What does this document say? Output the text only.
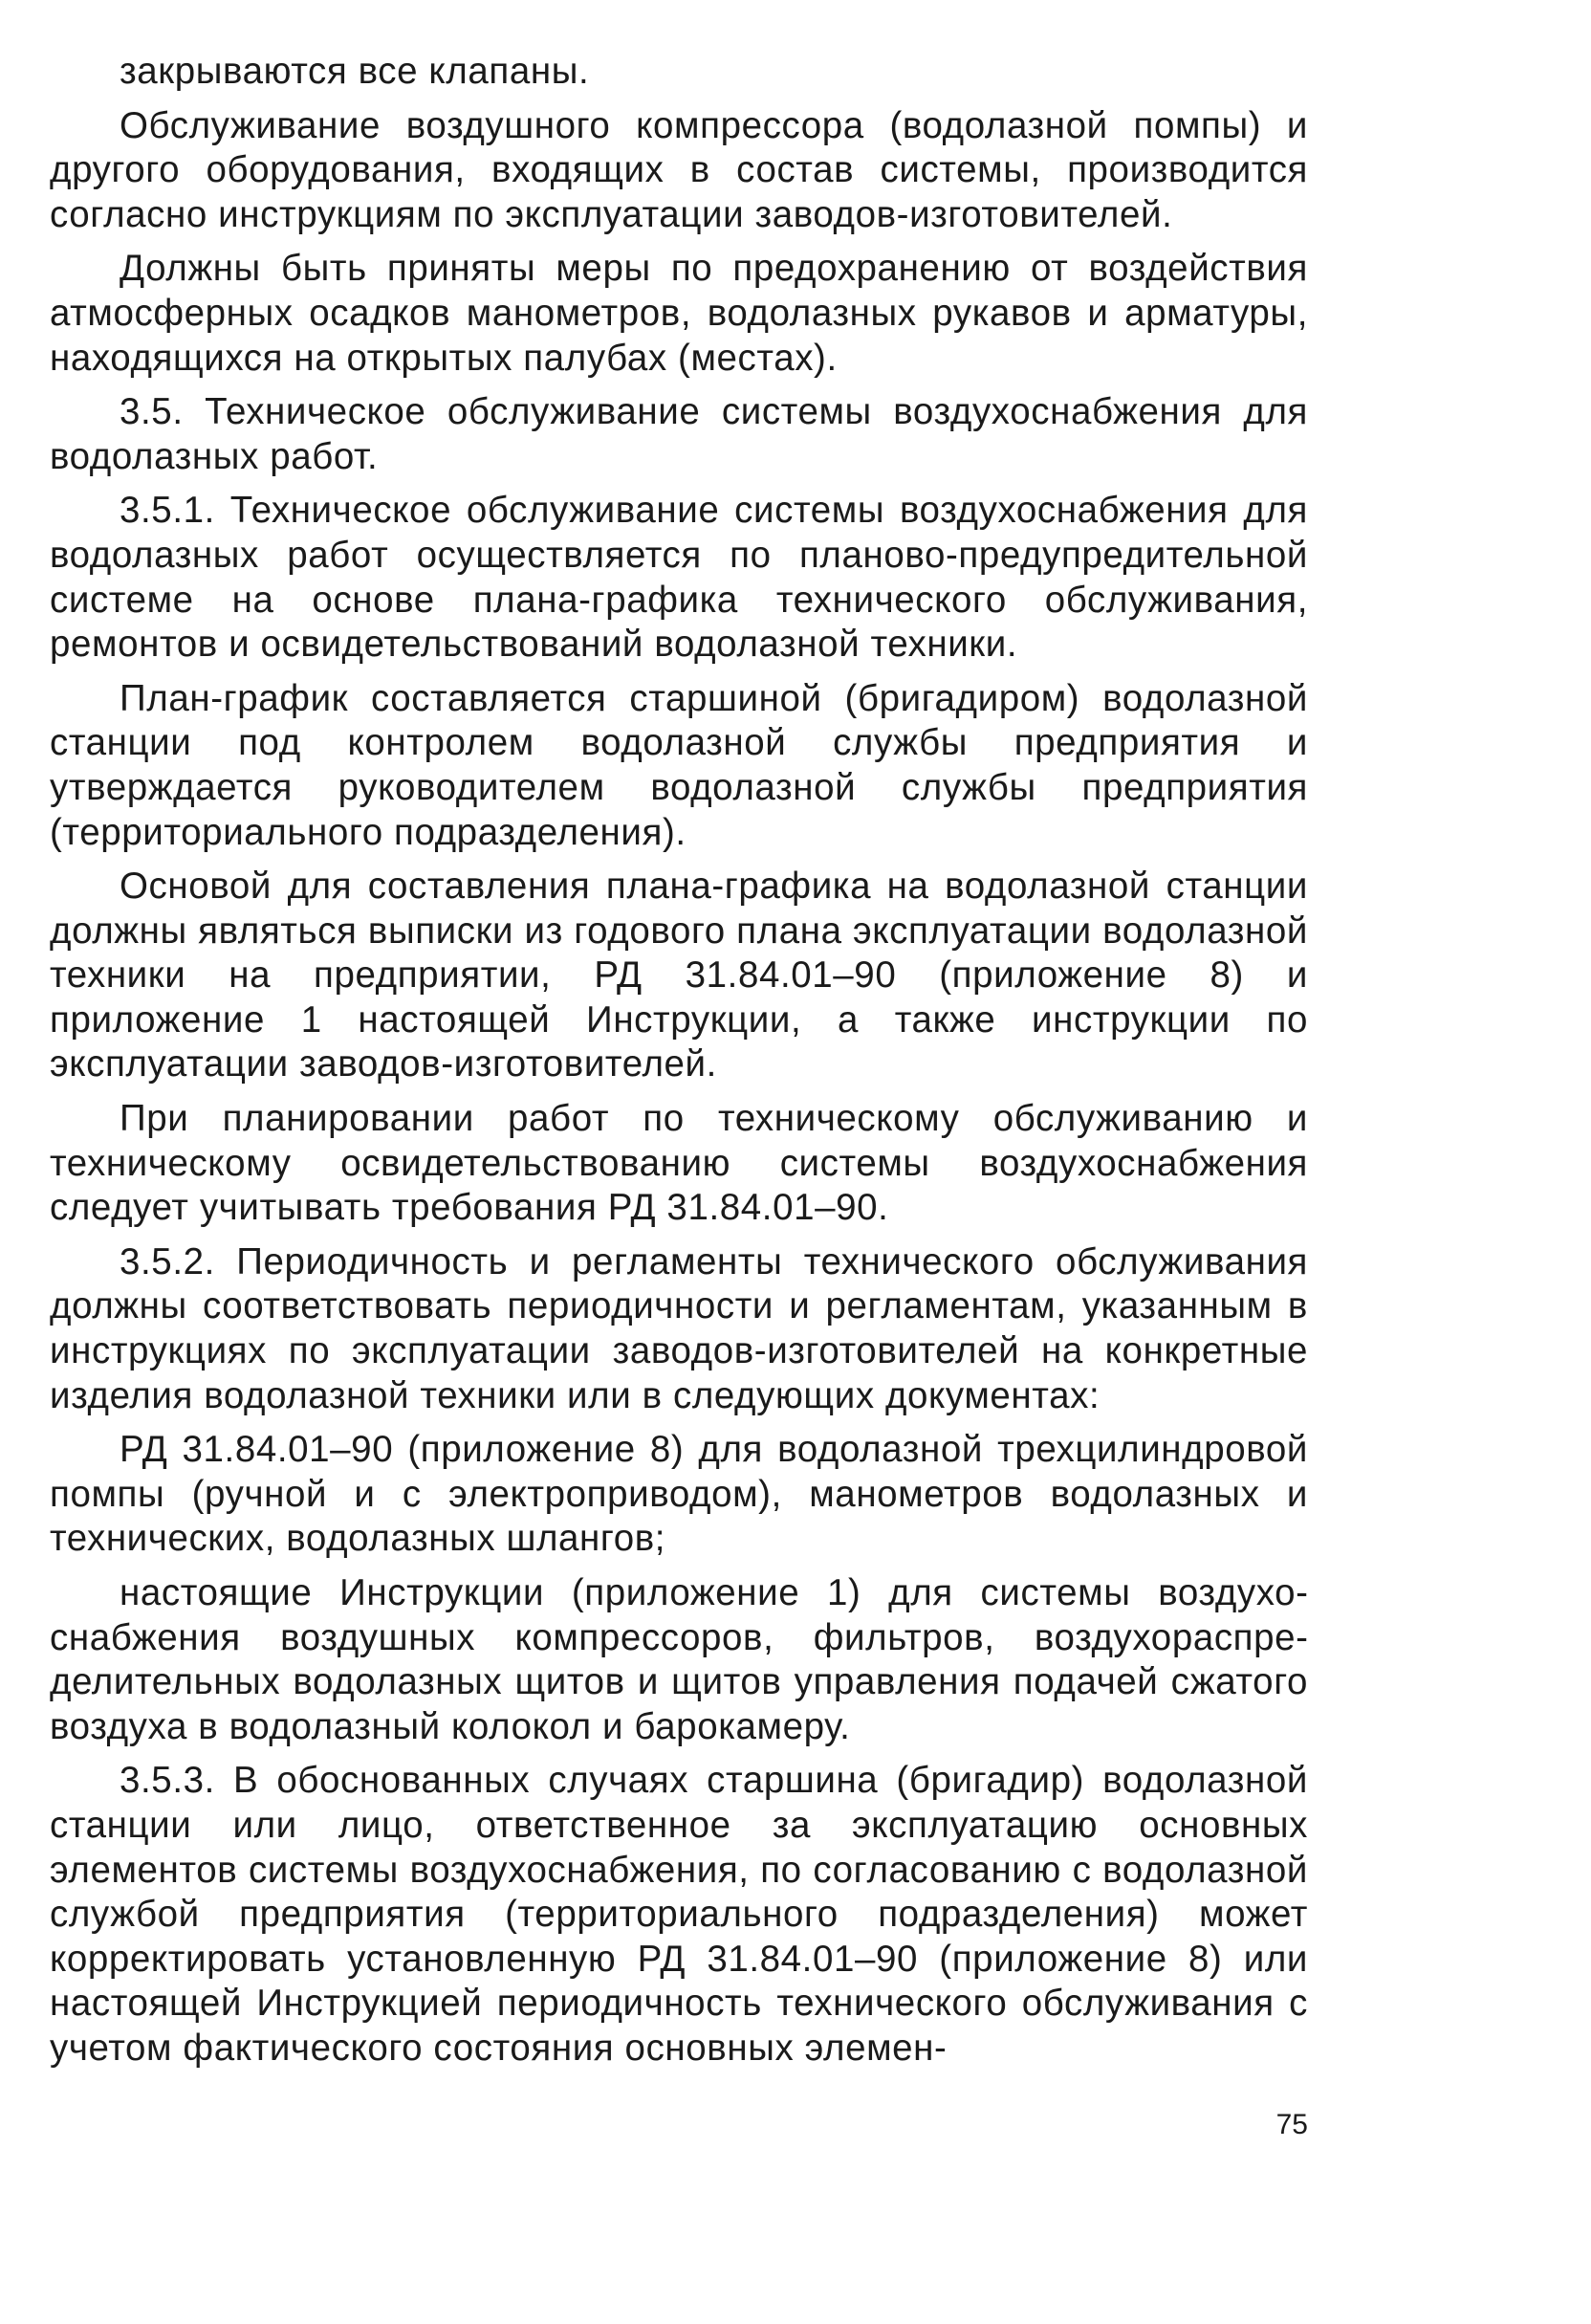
закрываются все клапаны.

Обслуживание воздушного компрессора (водолазной помпы) и другого оборудования, входящих в состав системы, производится согласно инструкциям по эксплуатации заводов-изготовителей.

Должны быть приняты меры по предохранению от воздействия атмосферных осадков манометров, водолазных рукавов и арматуры, находящихся на открытых палубах (местах).

3.5. Техническое обслуживание системы воздухоснабжения для водолазных работ.

3.5.1. Техническое обслуживание системы воздухоснабжения для водолазных работ осуществляется по планово-предупредительной системе на основе плана-графика технического обслуживания, ремонтов и освидетельствований водолазной техники.

План-график составляется старшиной (бригадиром) водолазной станции под контролем водолазной службы предприятия и утверждается руководителем водолазной службы предприятия (территориального подразделения).

Основой для составления плана-графика на водолазной станции должны являться выписки из годового плана эксплуатации водолазной техники на предприятии, РД 31.84.01–90 (приложение 8) и приложение 1 настоящей Инструкции, а также инструкции по эксплуатации заводов-изготовителей.

При планировании работ по техническому обслуживанию и техническому освидетельствованию системы воздухоснабжения следует учитывать требования РД 31.84.01–90.

3.5.2. Периодичность и регламенты технического обслуживания должны соответствовать периодичности и регламентам, указанным в инструкциях по эксплуатации заводов-изготовителей на конкретные изделия водолазной техники или в следующих документах:

РД 31.84.01–90 (приложение 8) для водолазной трехцилиндровой помпы (ручной и с электроприводом), манометров водолазных и технических, водолазных шлангов;

настоящие Инструкции (приложение 1) для системы воздухоснабжения воздушных компрессоров, фильтров, воздухораспределительных водолазных щитов и щитов управления подачей сжатого воздуха в водолазный колокол и барокамеру.

3.5.3. В обоснованных случаях старшина (бригадир) водолазной станции или лицо, ответственное за эксплуатацию основных элементов системы воздухоснабжения, по согласованию с водолазной службой предприятия (территориального подразделения) может корректировать установленную РД 31.84.01–90 (приложение 8) или настоящей Инструкцией периодичность технического обслуживания с учетом фактического состояния основных элемен-

75
